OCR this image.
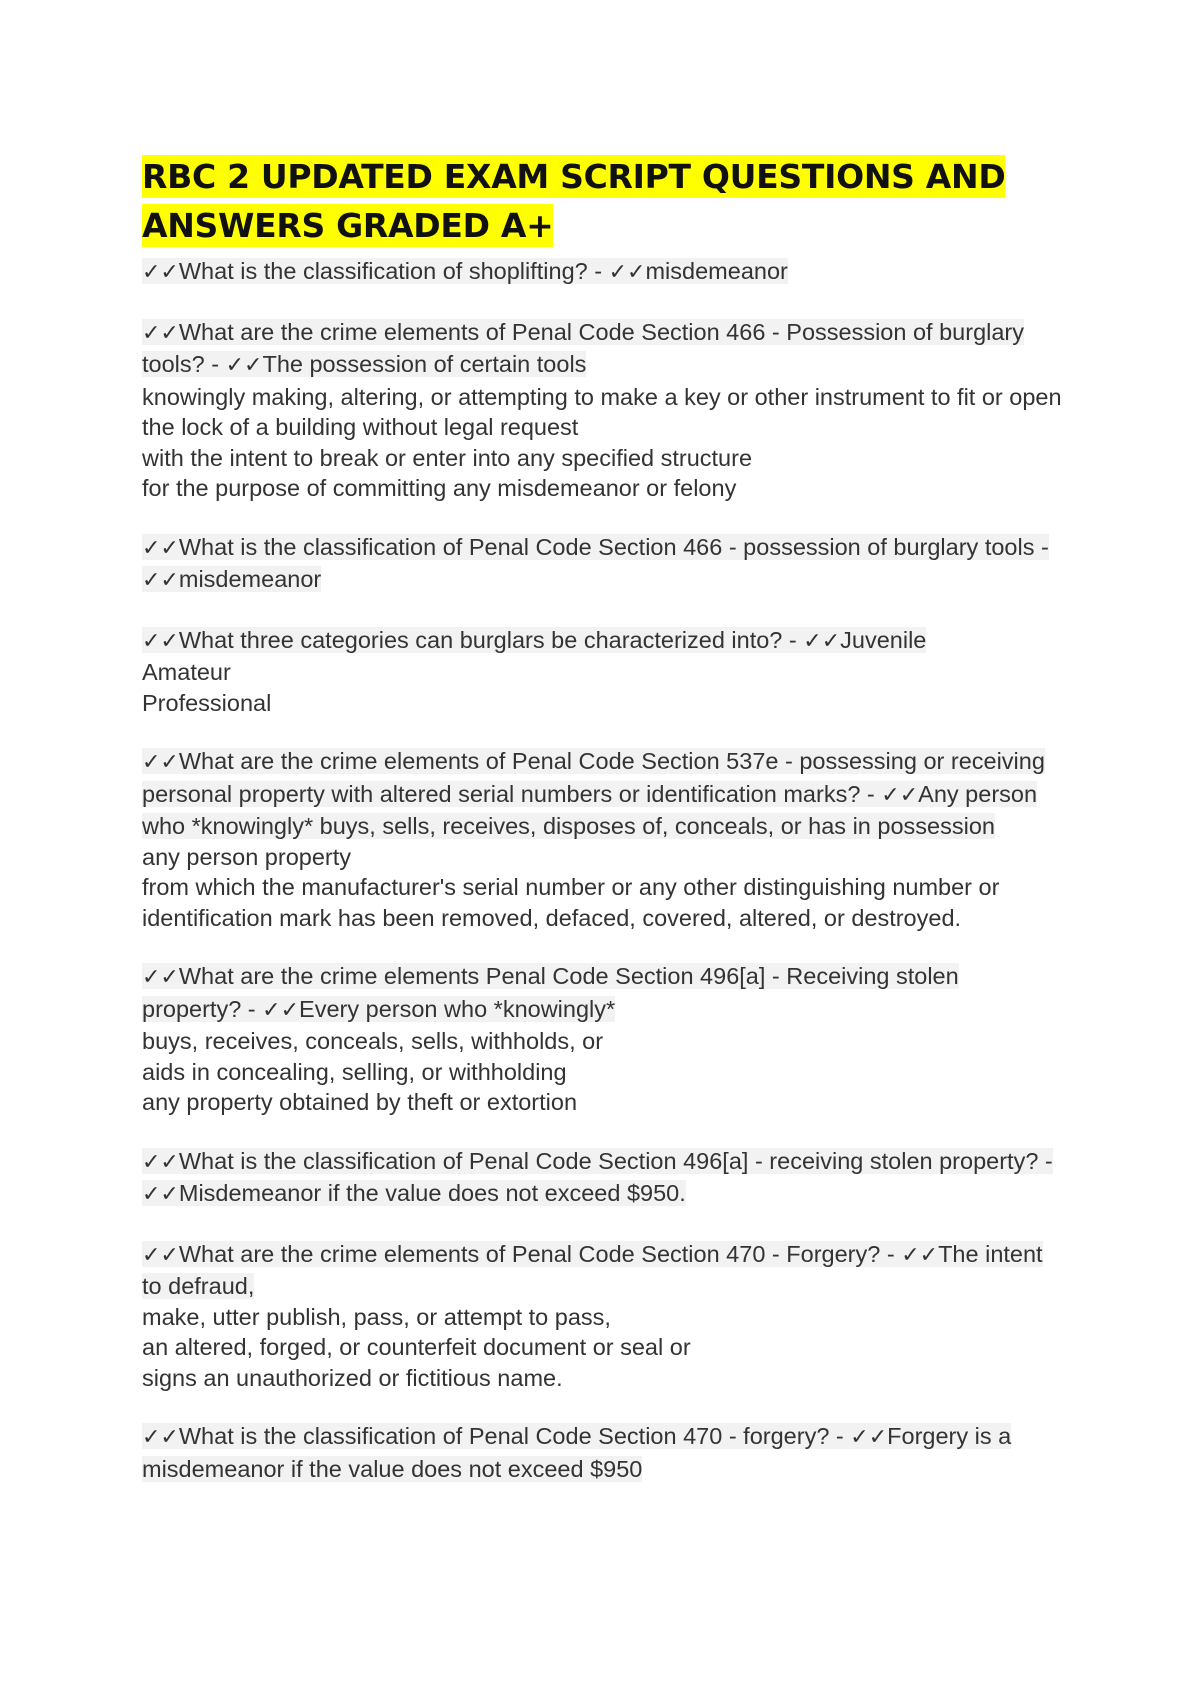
RBC 2 UPDATED EXAM SCRIPT QUESTIONS AND ANSWERS GRADED A+
✓✓What is the classification of shoplifting? - ✓✓misdemeanor
✓✓What are the crime elements of Penal Code Section 466 - Possession of burglary tools? - ✓✓The possession of certain tools
knowingly making, altering, or attempting to make a key or other instrument to fit or open the lock of a building without legal request
with the intent to break or enter into any specified structure
for the purpose of committing any misdemeanor or felony
✓✓What is the classification of Penal Code Section 466 - possession of burglary tools - ✓✓misdemeanor
✓✓What three categories can burglars be characterized into? - ✓✓Juvenile
Amateur
Professional
✓✓What are the crime elements of Penal Code Section 537e - possessing or receiving personal property with altered serial numbers or identification marks? - ✓✓Any person who *knowingly* buys, sells, receives, disposes of, conceals, or has in possession
any person property
from which the manufacturer's serial number or any other distinguishing number or identification mark has been removed, defaced, covered, altered, or destroyed.
✓✓What are the crime elements Penal Code Section 496[a] - Receiving stolen property? - ✓✓Every person who *knowingly*
buys, receives, conceals, sells, withholds, or
aids in concealing, selling, or withholding
any property obtained by theft or extortion
✓✓What is the classification of Penal Code Section 496[a] - receiving stolen property? - ✓✓Misdemeanor if the value does not exceed $950.
✓✓What are the crime elements of Penal Code Section 470 - Forgery? - ✓✓The intent to defraud,
make, utter publish, pass, or attempt to pass,
an altered, forged, or counterfeit document or seal or
signs an unauthorized or fictitious name.
✓✓What is the classification of Penal Code Section 470 - forgery? - ✓✓Forgery is a misdemeanor if the value does not exceed $950
